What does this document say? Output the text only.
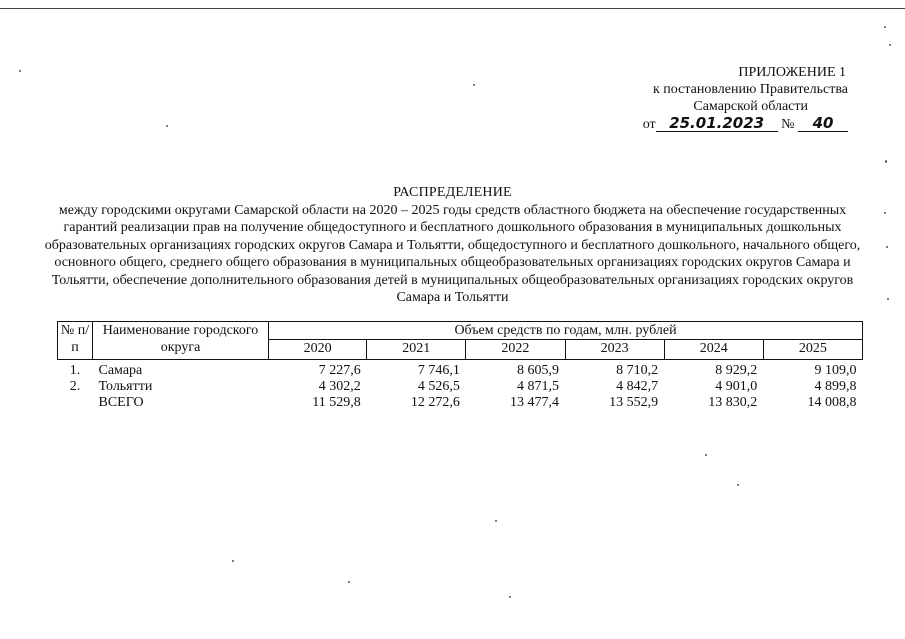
ПРИЛОЖЕНИЕ 1
к постановлению Правительства
Самарской области
от 25.01.2023 № 40
РАСПРЕДЕЛЕНИЕ
между городскими округами Самарской области на 2020 – 2025 годы средств областного бюджета на обеспечение государственных гарантий реализации прав на получение общедоступного и бесплатного дошкольного образования в муниципальных дошкольных образовательных организациях городских округов Самара и Тольятти, общедоступного и бесплатного дошкольного, начального общего, основного общего, среднего общего образования в муниципальных общеобразовательных организациях городских округов Самара и Тольятти, обеспечение дополнительного образования детей в муниципальных общеобразовательных организациях городских округов Самара и Тольятти
№ п/п	Наименование городского округа	Объем средств по годам, млн. рублей					
		2020	2021	2022	2023	2024	2025
1.	Самара	7 227,6	7 746,1	8 605,9	8 710,2	8 929,2	9 109,0
2.	Тольятти	4 302,2	4 526,5	4 871,5	4 842,7	4 901,0	4 899,8
	ВСЕГО	11 529,8	12 272,6	13 477,4	13 552,9	13 830,2	14 008,8
